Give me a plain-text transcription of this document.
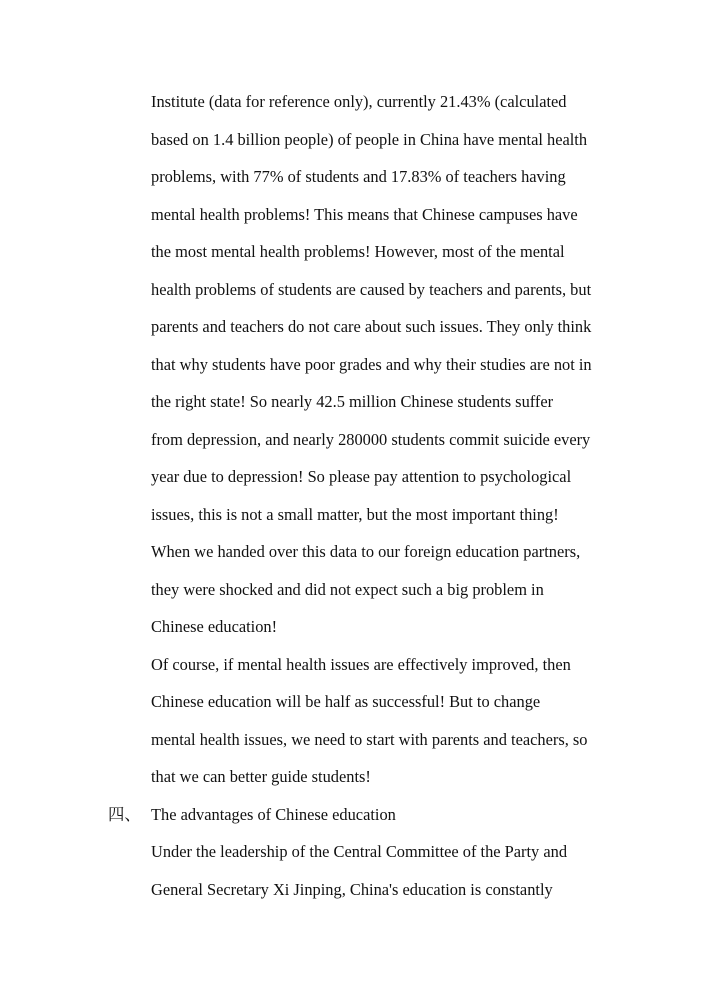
Institute (data for reference only), currently 21.43% (calculated
based on 1.4 billion people) of people in China have mental health
problems, with 77% of students and 17.83% of teachers having
mental health problems! This means that Chinese campuses have
the most mental health problems! However, most of the mental
health problems of students are caused by teachers and parents, but
parents and teachers do not care about such issues. They only think
that why students have poor grades and why their studies are not in
the right state! So nearly 42.5 million Chinese students suffer
from depression, and nearly 280000 students commit suicide every
year due to depression! So please pay attention to psychological
issues, this is not a small matter, but the most important thing!
When we handed over this data to our foreign education partners,
they were shocked and did not expect such a big problem in
Chinese education!
Of course, if mental health issues are effectively improved, then
Chinese education will be half as successful! But to change
mental health issues, we need to start with parents and teachers, so
that we can better guide students!
四、 The advantages of Chinese education
Under the leadership of the Central Committee of the Party and
General Secretary Xi Jinping, China's education is constantly
